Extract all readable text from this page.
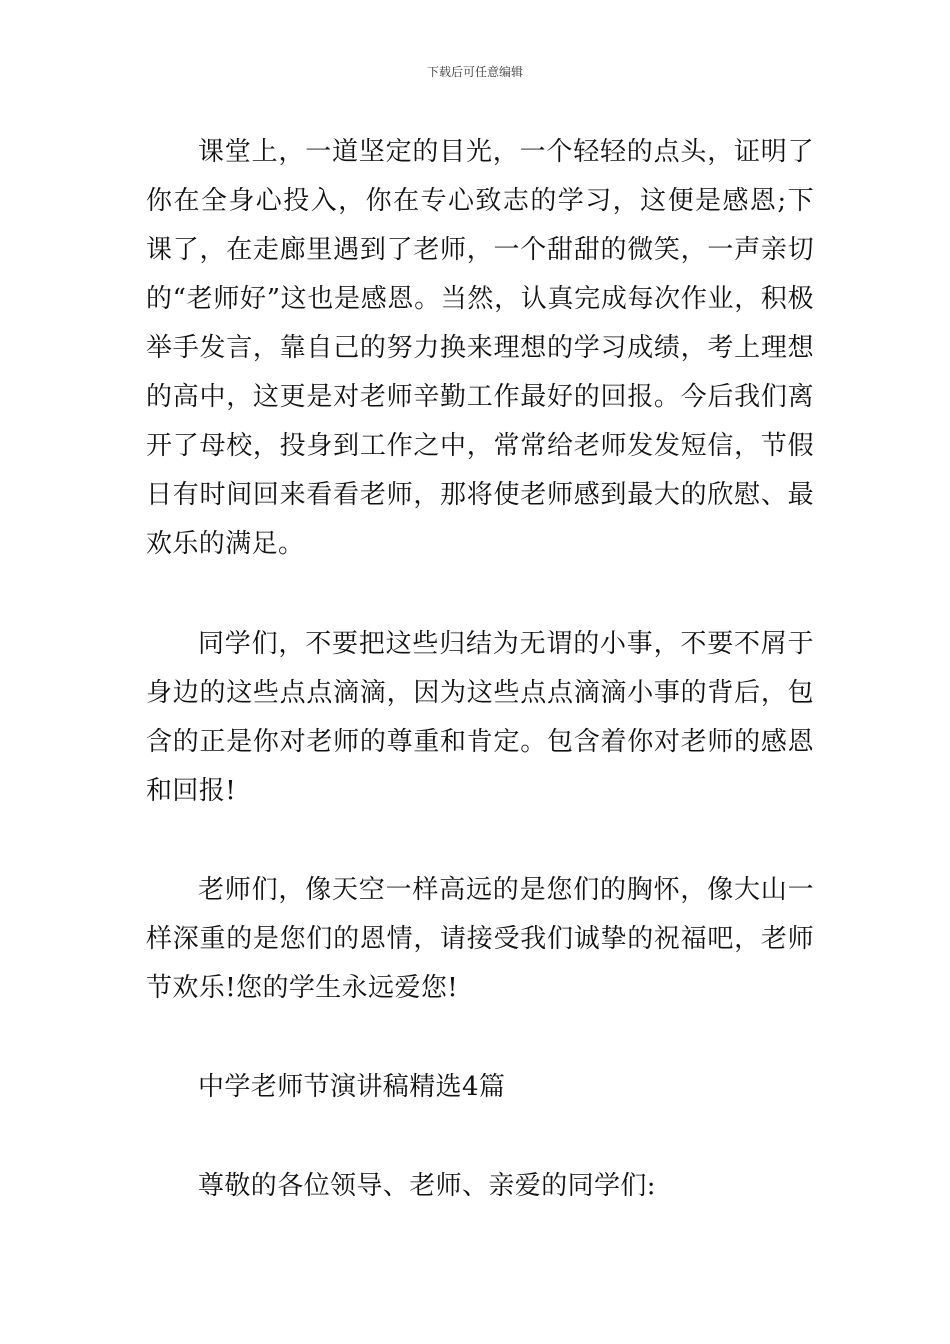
下载后可任意编辑

课堂上，一道坚定的目光，一个轻轻的点头，证明了你在全身心投入，你在专心致志的学习，这便是感恩;下课了，在走廊里遇到了老师，一个甜甜的微笑，一声亲切的“老师好”这也是感恩。当然，认真完成每次作业，积极举手发言，靠自己的努力换来理想的学习成绩，考上理想的高中，这更是对老师辛勤工作最好的回报。今后我们离开了母校，投身到工作之中，常常给老师发发短信，节假日有时间回来看看老师，那将使老师感到最大的欣慰、最欢乐的满足。

同学们，不要把这些归结为无谓的小事，不要不屑于身边的这些点点滴滴，因为这些点点滴滴小事的背后，包含的正是你对老师的尊重和肯定。包含着你对老师的感恩和回报!

老师们，像天空一样高远的是您们的胸怀，像大山一样深重的是您们的恩情，请接受我们诚挚的祝福吧，老师节欢乐!您的学生永远爱您!

中学老师节演讲稿精选4篇

尊敬的各位领导、老师、亲爱的同学们:
